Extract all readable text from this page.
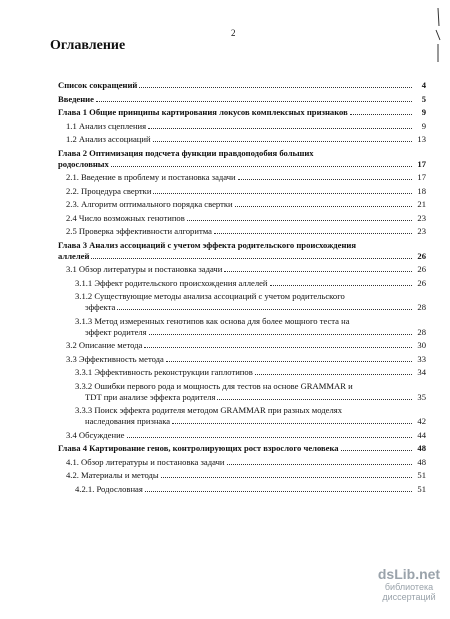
2
Оглавление
Список сокращений	4
Введение	5
Глава 1 Общие принципы картирования локусов комплексных признаков	9
1.1 Анализ сцепления	9
1.2 Анализ ассоциаций	13
Глава 2 Оптимизация подсчета функции правдоподобия больших
родословных	17
2.1. Введение в проблему и постановка задачи	17
2.2. Процедура свертки	18
2.3. Алгоритм оптимального порядка свертки	21
2.4 Число возможных генотипов	23
2.5 Проверка эффективности алгоритма	23
Глава 3 Анализ ассоциаций с учетом эффекта родительского происхождения
аллелей	26
3.1 Обзор литературы и постановка задачи	26
3.1.1 Эффект родительского происхождения аллелей	26
3.1.2 Существующие методы анализа ассоциаций с учетом родительского
эффекта	28
3.1.3 Метод измеренных генотипов как основа для более мощного теста на
эффект родителя	28
3.2 Описание метода	30
3.3 Эффективность метода	33
3.3.1 Эффективность реконструкции гаплотипов	34
3.3.2 Ошибки первого рода и мощность для тестов на основе GRAMMAR и
TDT при анализе эффекта родителя	35
3.3.3 Поиск эффекта родителя методом GRAMMAR при разных моделях
наследования признака	42
3.4 Обсуждение	44
Глава 4 Картирование генов, контролирующих рост взрослого человека	48
4.1. Обзор литературы и постановка задачи	48
4.2. Материалы и методы	51
4.2.1. Родословная	51
dsLib.net
библиотека диссертаций
